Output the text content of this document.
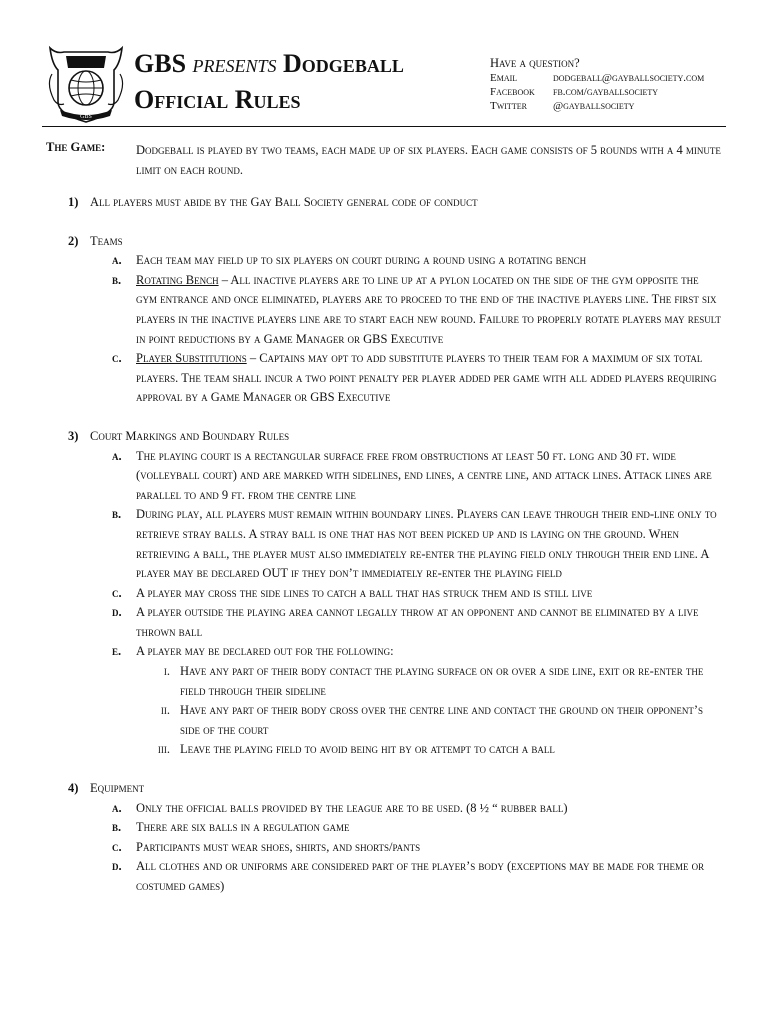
GBS
GBS presents Dodgeball
Official Rules
Have a question?
Email	dodgeball@gayballsociety.com
Facebook	fb.com/gayballsociety
Twitter	@gayballsociety
The Game: Dodgeball is played by two teams, each made up of six players. Each game consists of 5 rounds with a 4 minute limit on each round.
1) All players must abide by the Gay Ball Society general code of conduct
2) Teams
a. Each team may field up to six players on court during a round using a rotating bench
b. Rotating Bench – All inactive players are to line up at a pylon located on the side of the gym opposite the gym entrance and once eliminated, players are to proceed to the end of the inactive players line. The first six players in the inactive players line are to start each new round. Failure to properly rotate players may result in point reductions by a Game Manager or GBS Executive
c. Player Substitutions – Captains may opt to add substitute players to their team for a maximum of six total players. The team shall incur a two point penalty per player added per game with all added players requiring approval by a Game Manager or GBS Executive
3) Court Markings and Boundary Rules
a. The playing court is a rectangular surface free from obstructions at least 50 ft. long and 30 ft. wide (volleyball court) and are marked with sidelines, end lines, a centre line, and attack lines. Attack lines are parallel to and 9 ft. from the centre line
b. During play, all players must remain within boundary lines. Players can leave through their end-line only to retrieve stray balls. A stray ball is one that has not been picked up and is laying on the ground. When retrieving a ball, the player must also immediately re-enter the playing field only through their end line. A player may be declared OUT if they don’t immediately re-enter the playing field
c. A player may cross the side lines to catch a ball that has struck them and is still live
d. A player outside the playing area cannot legally throw at an opponent and cannot be eliminated by a live thrown ball
e. A player may be declared out for the following:
i. Have any part of their body contact the playing surface on or over a side line, exit or re-enter the field through their sideline
ii. Have any part of their body cross over the centre line and contact the ground on their opponent’s side of the court
iii. Leave the playing field to avoid being hit by or attempt to catch a ball
4) Equipment
a. Only the official balls provided by the league are to be used. (8 ½ “ rubber ball)
b. There are six balls in a regulation game
c. Participants must wear shoes, shirts, and shorts/pants
d. All clothes and or uniforms are considered part of the player’s body (exceptions may be made for theme or costumed games)
